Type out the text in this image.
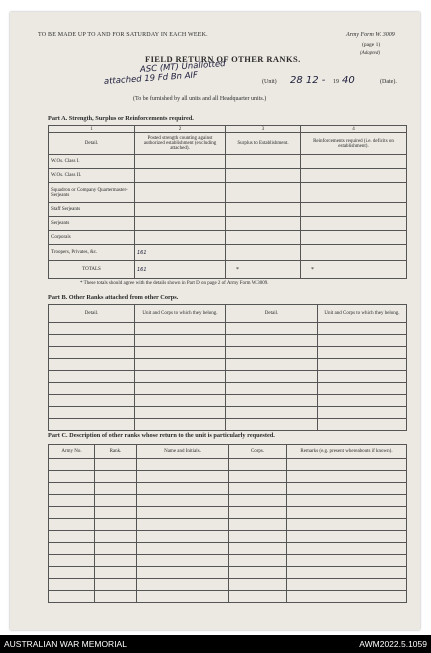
TO BE MADE UP TO AND FOR SATURDAY IN EACH WEEK.	Army Form W. 3009
(page 1)
(Adapted)
FIELD RETURN OF OTHER RANKS.
ASC (MT) Unallotted
attached 19 Fd Bn AIF	(Unit) 28 12 - 19 40	(Date).
(To be furnished by all units and all Headquarter units.)
Part A. Strength, Surplus or Reinforcements required.
1	2	3	4
Detail.	Posted strength counting against authorized establishment (excluding attached).	Surplus to Establishment.	Reinforcements required (i.e. deficits on establishment).
W.Os. Class I.			
W.Os. Class II.			
Squadron or Company Quartermaster-Serjeants			
Staff Serjeants			
Serjeants			
Corporals			
Troopers, Privates, &c.	161		
TOTALS	161	*	*
* These totals should agree with the details shown in Part D on page 2 of Army Form W.3009.
Part B. Other Ranks attached from other Corps.
Detail.	Unit and Corps to which they belong.	Detail.	Unit and Corps to which they belong.

Part C. Description of other ranks whose return to the unit is particularly requested.
Army No.	Rank.	Name and Initials.	Corps.	Remarks (e.g. present whereabouts if known).

AUSTRALIAN WAR MEMORIAL	AWM2022.5.1059
